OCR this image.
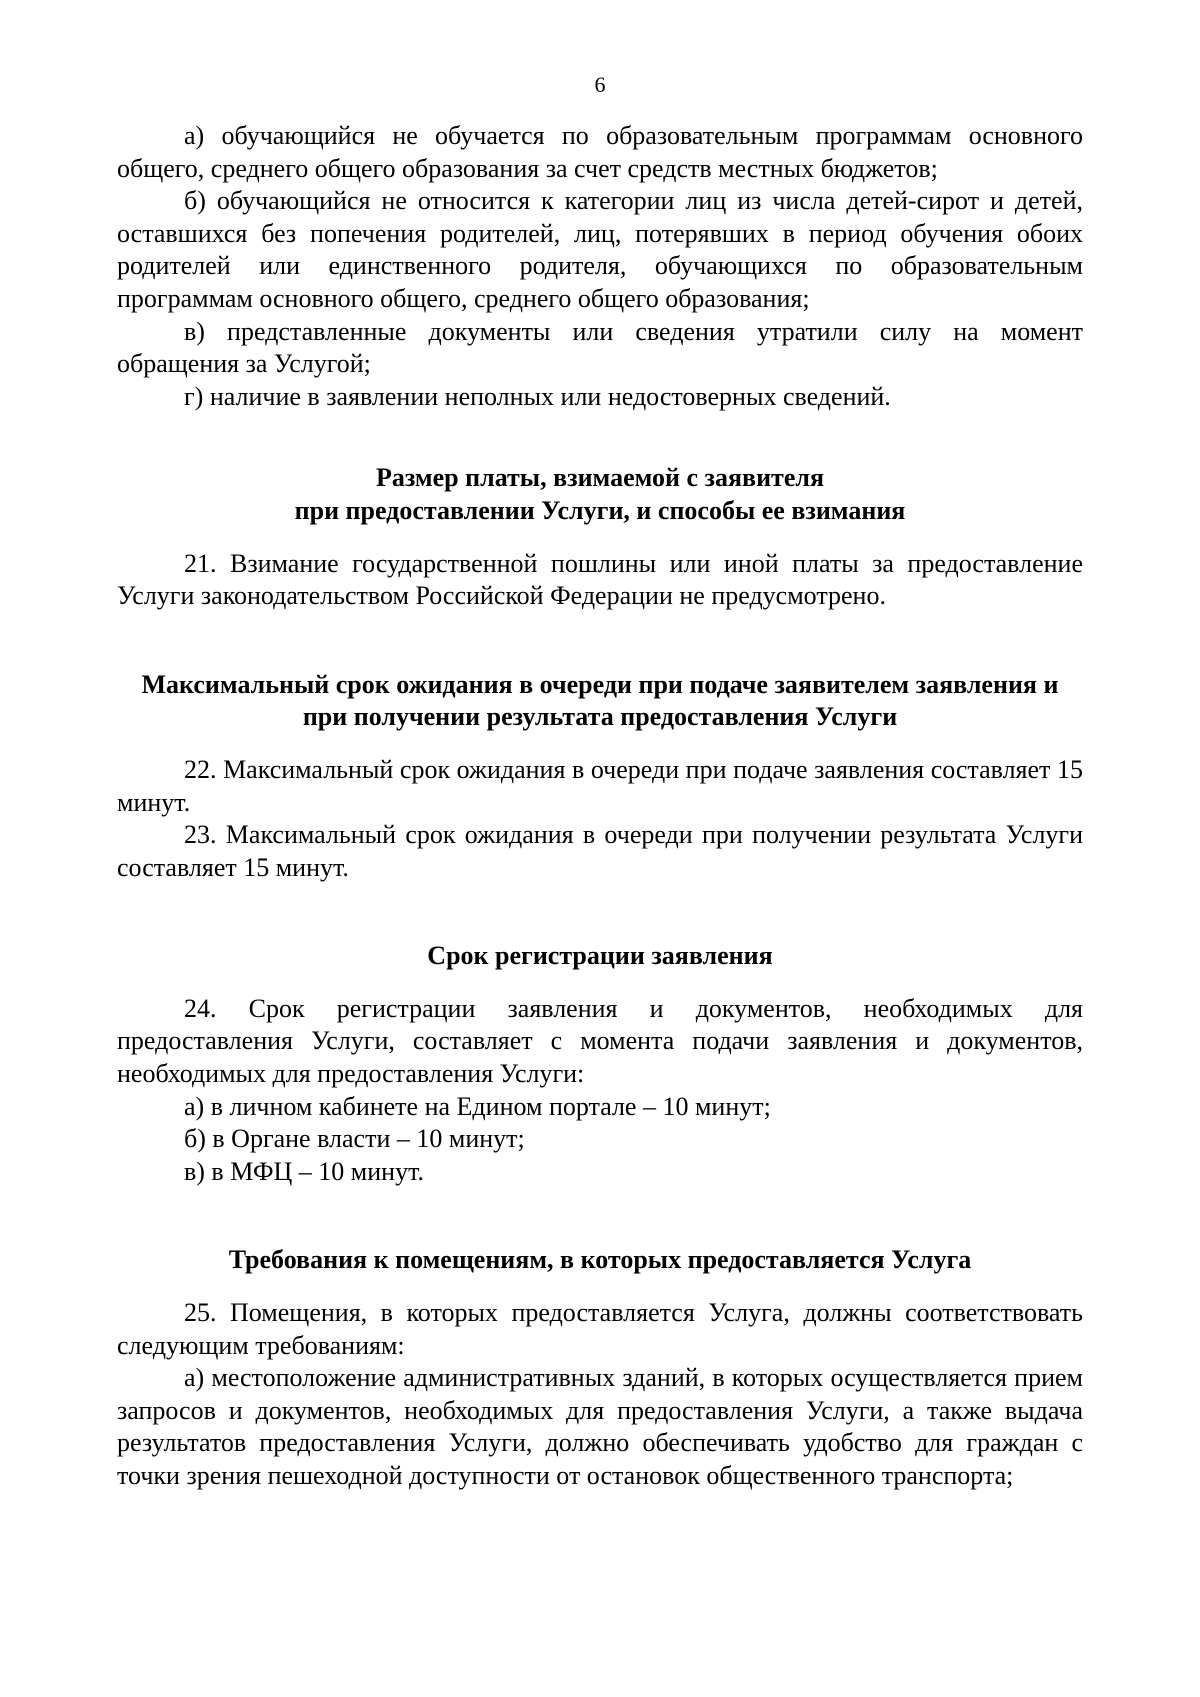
6

а) обучающийся не обучается по образовательным программам основного общего, среднего общего образования за счет средств местных бюджетов;

б) обучающийся не относится к категории лиц из числа детей-сирот и детей, оставшихся без попечения родителей, лиц, потерявших в период обучения обоих родителей или единственного родителя, обучающихся по образовательным программам основного общего, среднего общего образования;

в) представленные документы или сведения утратили силу на момент обращения за Услугой;

г) наличие в заявлении неполных или недостоверных сведений.

Размер платы, взимаемой с заявителя
при предоставлении Услуги, и способы ее взимания

21. Взимание государственной пошлины или иной платы за предоставление Услуги законодательством Российской Федерации не предусмотрено.

Максимальный срок ожидания в очереди при подаче заявителем заявления и
при получении результата предоставления Услуги

22. Максимальный срок ожидания в очереди при подаче заявления составляет 15 минут.

23. Максимальный срок ожидания в очереди при получении результата Услуги составляет 15 минут.

Срок регистрации заявления

24. Срок регистрации заявления и документов, необходимых для предоставления Услуги, составляет с момента подачи заявления и документов, необходимых для предоставления Услуги:

а) в личном кабинете на Едином портале – 10 минут;

б) в Органе власти – 10 минут;

в) в МФЦ – 10 минут.

Требования к помещениям, в которых предоставляется Услуга

25. Помещения, в которых предоставляется Услуга, должны соответствовать следующим требованиям:

а) местоположение административных зданий, в которых осуществляется прием запросов и документов, необходимых для предоставления Услуги, а также выдача результатов предоставления Услуги, должно обеспечивать удобство для граждан с точки зрения пешеходной доступности от остановок общественного транспорта;
